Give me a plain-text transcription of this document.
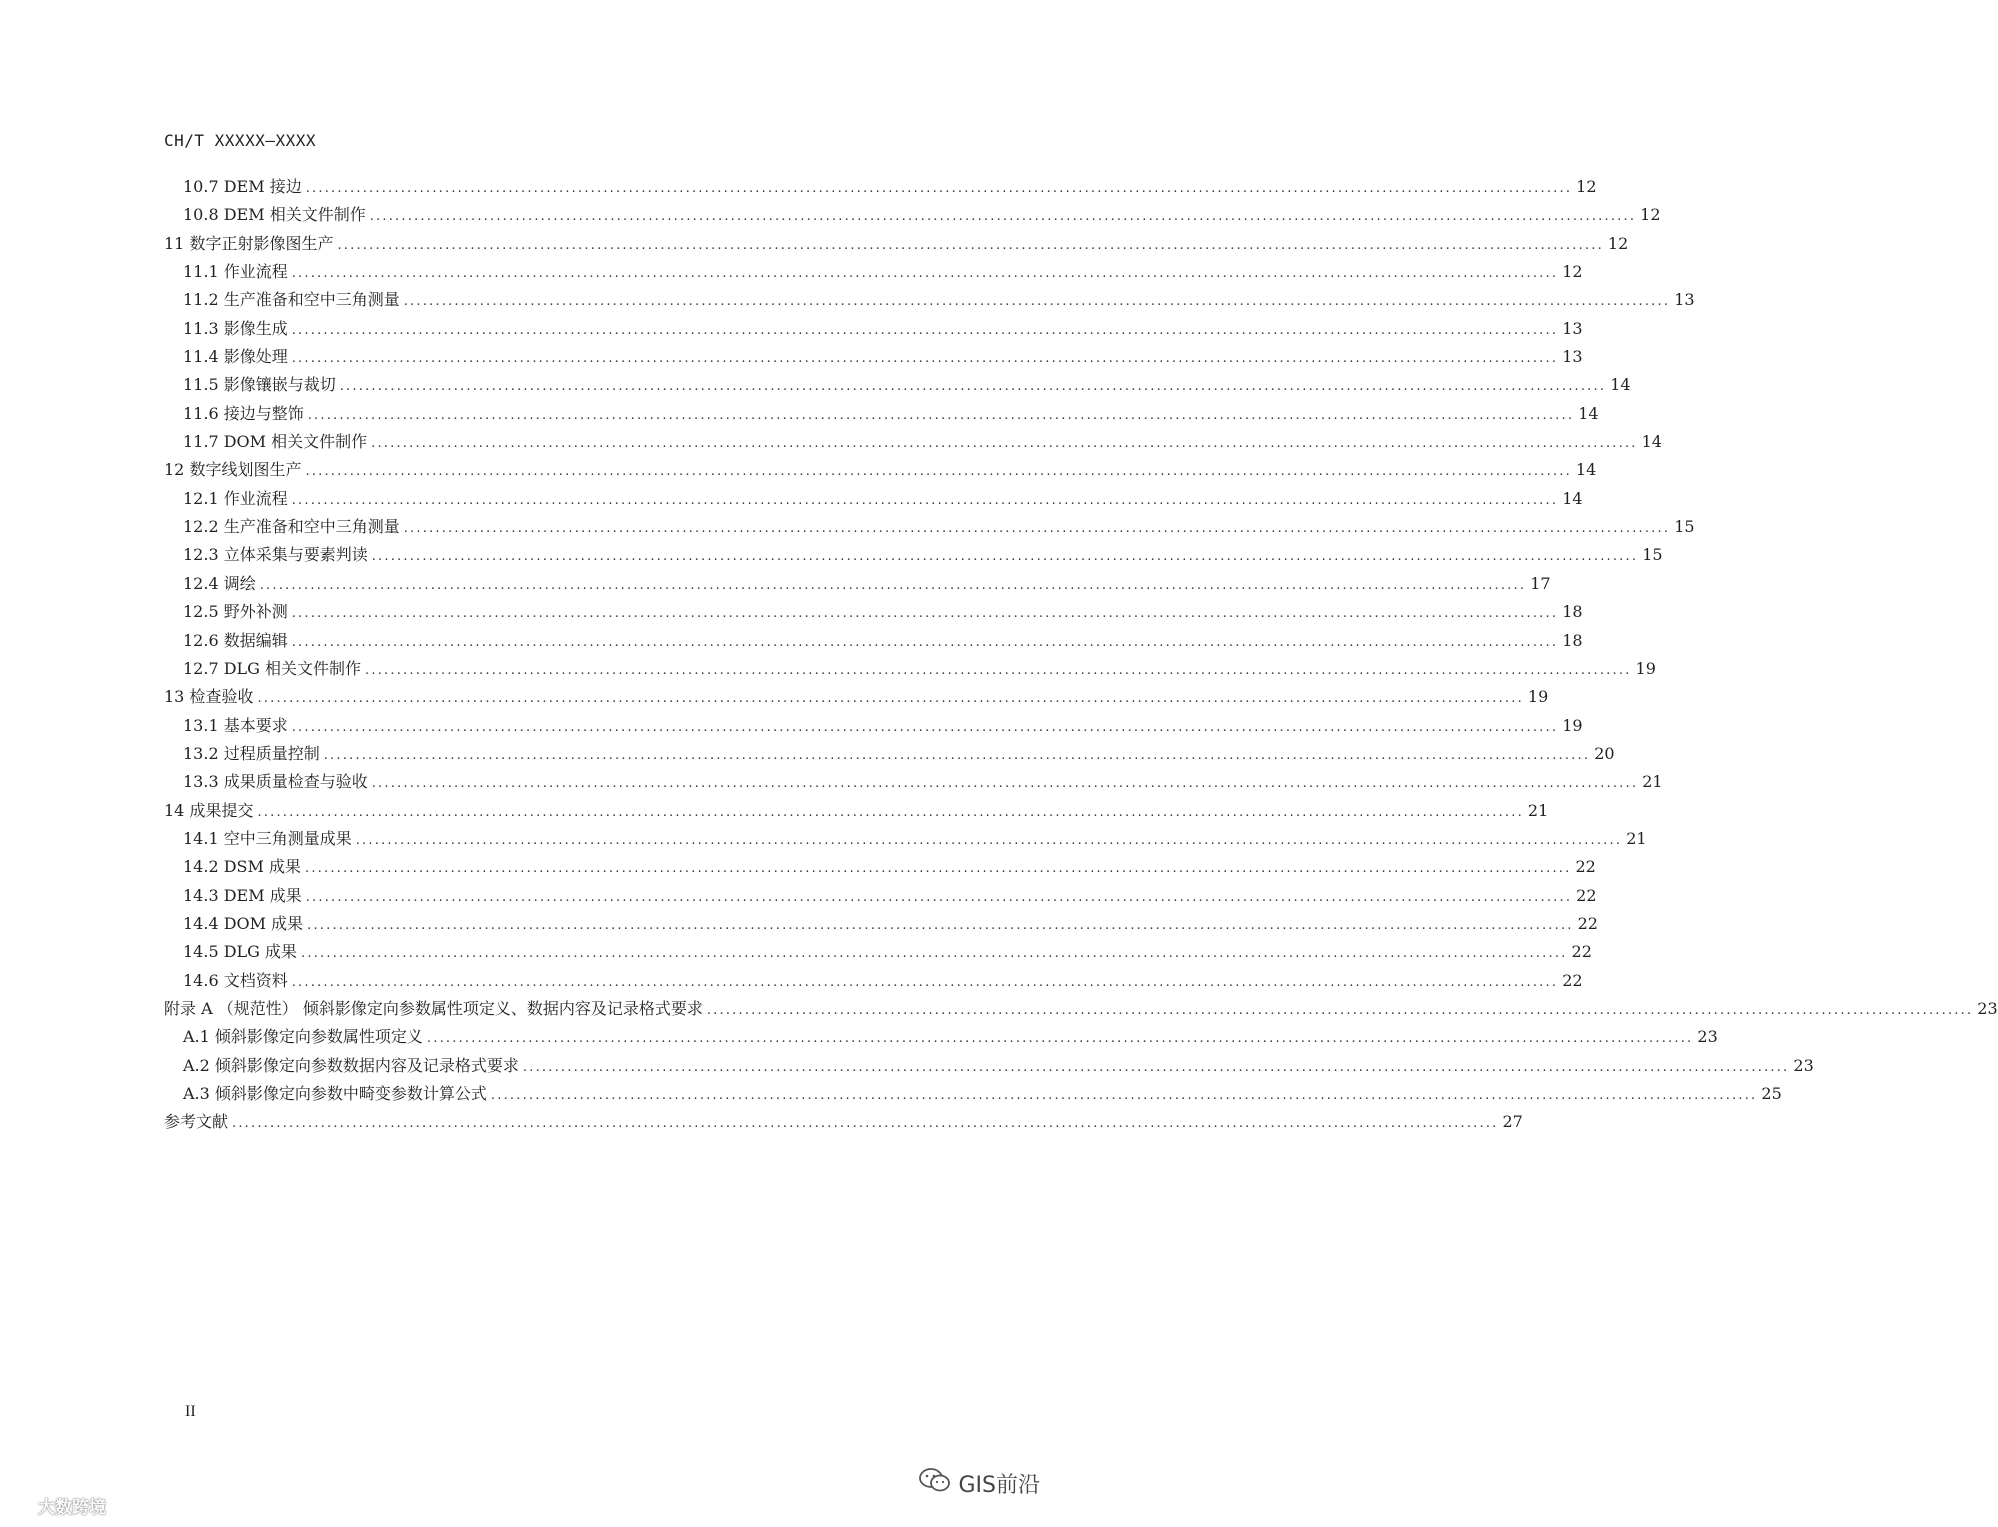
CH/T XXXXX—XXXX
10.7 DEM 接边 ........................................................................................................................................................................................................ 12
10.8 DEM 相关文件制作 ........................................................................................................................................................................................................ 12
11 数字正射影像图生产 ........................................................................................................................................................................................................ 12
11.1 作业流程 ........................................................................................................................................................................................................ 12
11.2 生产准备和空中三角测量 ........................................................................................................................................................................................................ 13
11.3 影像生成 ........................................................................................................................................................................................................ 13
11.4 影像处理 ........................................................................................................................................................................................................ 13
11.5 影像镶嵌与裁切 ........................................................................................................................................................................................................ 14
11.6 接边与整饰 ........................................................................................................................................................................................................ 14
11.7 DOM 相关文件制作 ........................................................................................................................................................................................................ 14
12 数字线划图生产 ........................................................................................................................................................................................................ 14
12.1 作业流程 ........................................................................................................................................................................................................ 14
12.2 生产准备和空中三角测量 ........................................................................................................................................................................................................ 15
12.3 立体采集与要素判读 ........................................................................................................................................................................................................ 15
12.4 调绘 ........................................................................................................................................................................................................ 17
12.5 野外补测 ........................................................................................................................................................................................................ 18
12.6 数据编辑 ........................................................................................................................................................................................................ 18
12.7 DLG 相关文件制作 ........................................................................................................................................................................................................ 19
13 检查验收 ........................................................................................................................................................................................................ 19
13.1 基本要求 ........................................................................................................................................................................................................ 19
13.2 过程质量控制 ........................................................................................................................................................................................................ 20
13.3 成果质量检查与验收 ........................................................................................................................................................................................................ 21
14 成果提交 ........................................................................................................................................................................................................ 21
14.1 空中三角测量成果 ........................................................................................................................................................................................................ 21
14.2 DSM 成果 ........................................................................................................................................................................................................ 22
14.3 DEM 成果 ........................................................................................................................................................................................................ 22
14.4 DOM 成果 ........................................................................................................................................................................................................ 22
14.5 DLG 成果 ........................................................................................................................................................................................................ 22
14.6 文档资料 ........................................................................................................................................................................................................ 22
附录 A （规范性） 倾斜影像定向参数属性项定义、数据内容及记录格式要求 ........................................................................................................................................................................................................ 23
A.1 倾斜影像定向参数属性项定义 ........................................................................................................................................................................................................ 23
A.2 倾斜影像定向参数数据内容及记录格式要求 ........................................................................................................................................................................................................ 23
A.3 倾斜影像定向参数中畸变参数计算公式 ........................................................................................................................................................................................................ 25
参考文献 ........................................................................................................................................................................................................ 27
II
大数跨境
GIS前沿
